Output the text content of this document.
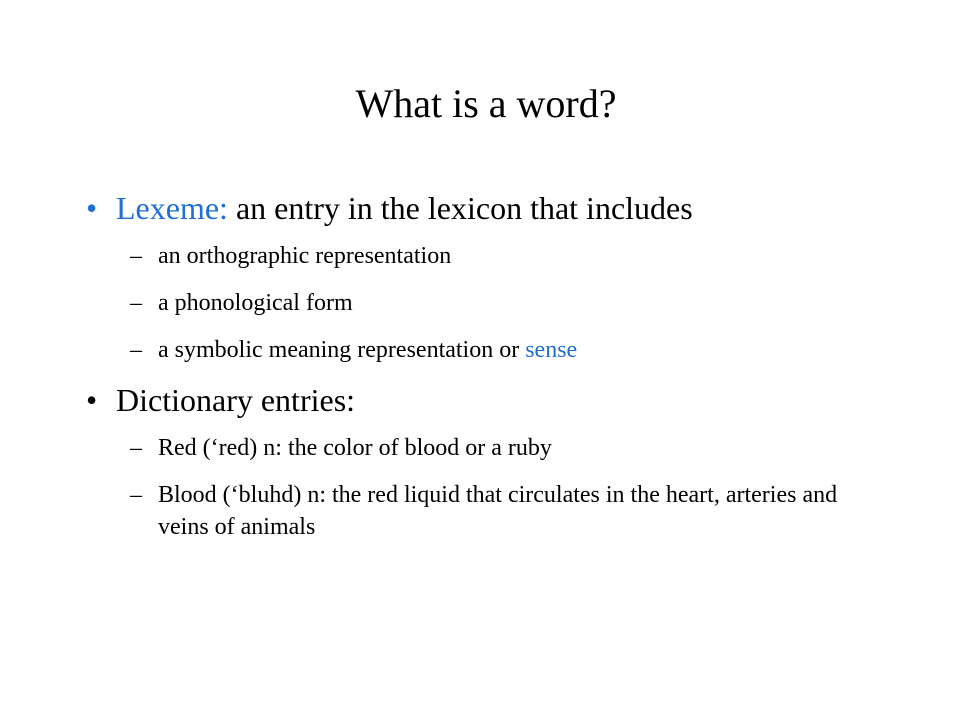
What is a word?
• Lexeme: an entry in the lexicon that includes
– an orthographic representation
– a phonological form
– a symbolic meaning representation or sense
• Dictionary entries:
– Red (‘red) n: the color of blood or a ruby
– Blood (‘bluhd) n: the red liquid that circulates in the heart, arteries and veins of animals
